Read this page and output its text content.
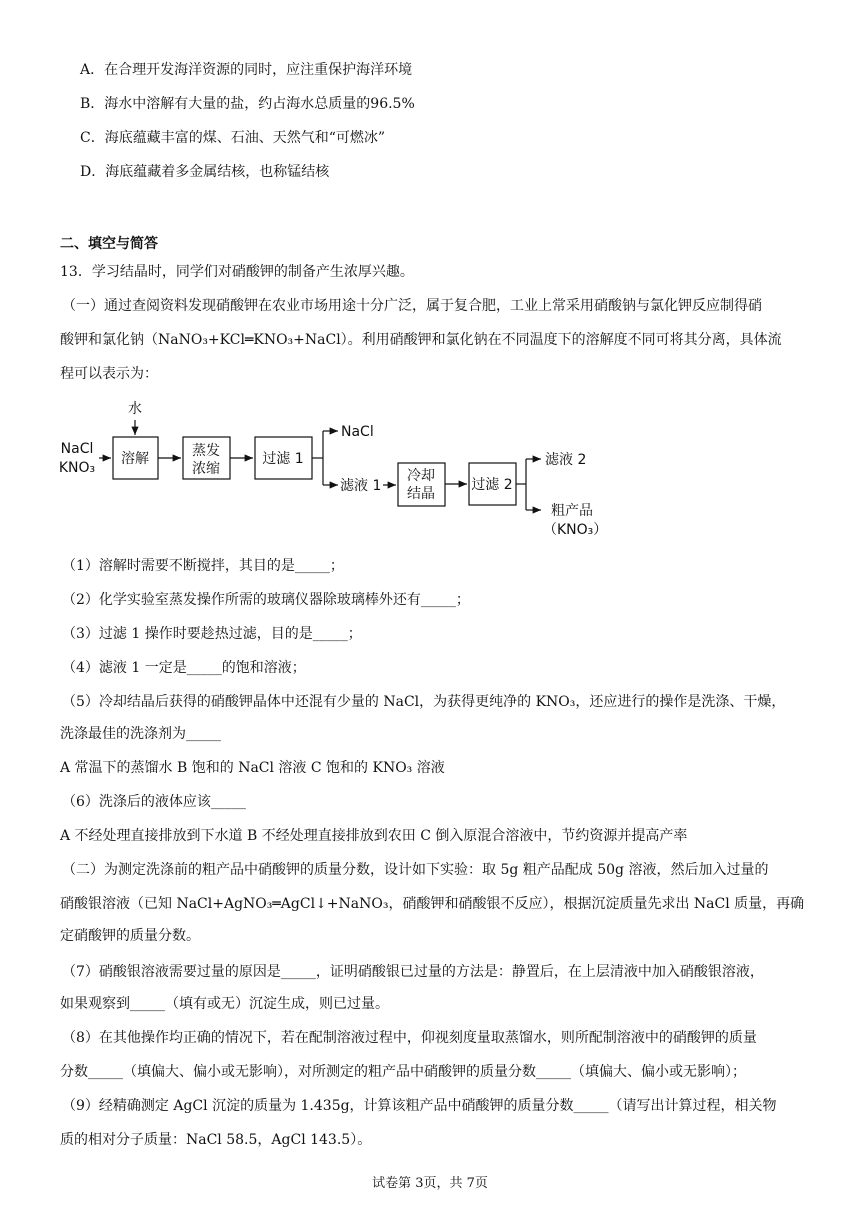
A．在合理开发海洋资源的同时，应注重保护海洋环境
B．海水中溶解有大量的盐，约占海水总质量的96.5%
C．海底蕴藏丰富的煤、石油、天然气和“可燃冰”
D．海底蕴藏着多金属结核，也称锰结核
二、填空与简答
13．学习结晶时，同学们对硝酸钾的制备产生浓厚兴趣。
（一）通过查阅资料发现硝酸钾在农业市场用途十分广泛，属于复合肥，工业上常采用硝酸钠与氯化钾反应制得硝
酸钾和氯化钠（NaNO₃+KCl═KNO₃+NaCl）。利用硝酸钾和氯化钠在不同温度下的溶解度不同可将其分离，具体流
程可以表示为：
水
NaCl
KNO₃
溶解	蒸发
浓缩
过滤 1
NaCl
滤液 1
冷却
结晶
过滤 2
滤液 2
粗产品
（KNO₃）
（1）溶解时需要不断搅拌，其目的是_____；
（2）化学实验室蒸发操作所需的玻璃仪器除玻璃棒外还有_____；
（3）过滤 1 操作时要趁热过滤，目的是_____；
（4）滤液 1 一定是_____的饱和溶液；
（5）冷却结晶后获得的硝酸钾晶体中还混有少量的 NaCl，为获得更纯净的 KNO₃，还应进行的操作是洗涤、干燥，
洗涤最佳的洗涤剂为_____
A 常温下的蒸馏水 B 饱和的 NaCl 溶液 C 饱和的 KNO₃ 溶液
（6）洗涤后的液体应该_____
A 不经处理直接排放到下水道 B 不经处理直接排放到农田 C 倒入原混合溶液中，节约资源并提高产率
（二）为测定洗涤前的粗产品中硝酸钾的质量分数，设计如下实验：取 5g 粗产品配成 50g 溶液，然后加入过量的
硝酸银溶液（已知 NaCl+AgNO₃═AgCl↓+NaNO₃，硝酸钾和硝酸银不反应），根据沉淀质量先求出 NaCl 质量，再确
定硝酸钾的质量分数。
（7）硝酸银溶液需要过量的原因是_____，证明硝酸银已过量的方法是：静置后，在上层清液中加入硝酸银溶液，
如果观察到_____（填有或无）沉淀生成，则已过量。
（8）在其他操作均正确的情况下，若在配制溶液过程中，仰视刻度量取蒸馏水，则所配制溶液中的硝酸钾的质量
分数_____（填偏大、偏小或无影响），对所测定的粗产品中硝酸钾的质量分数_____（填偏大、偏小或无影响）；
（9）经精确测定 AgCl 沉淀的质量为 1.435g，计算该粗产品中硝酸钾的质量分数_____（请写出计算过程，相关物
质的相对分子质量：NaCl 58.5，AgCl 143.5）。
试卷第 3页，共 7页
